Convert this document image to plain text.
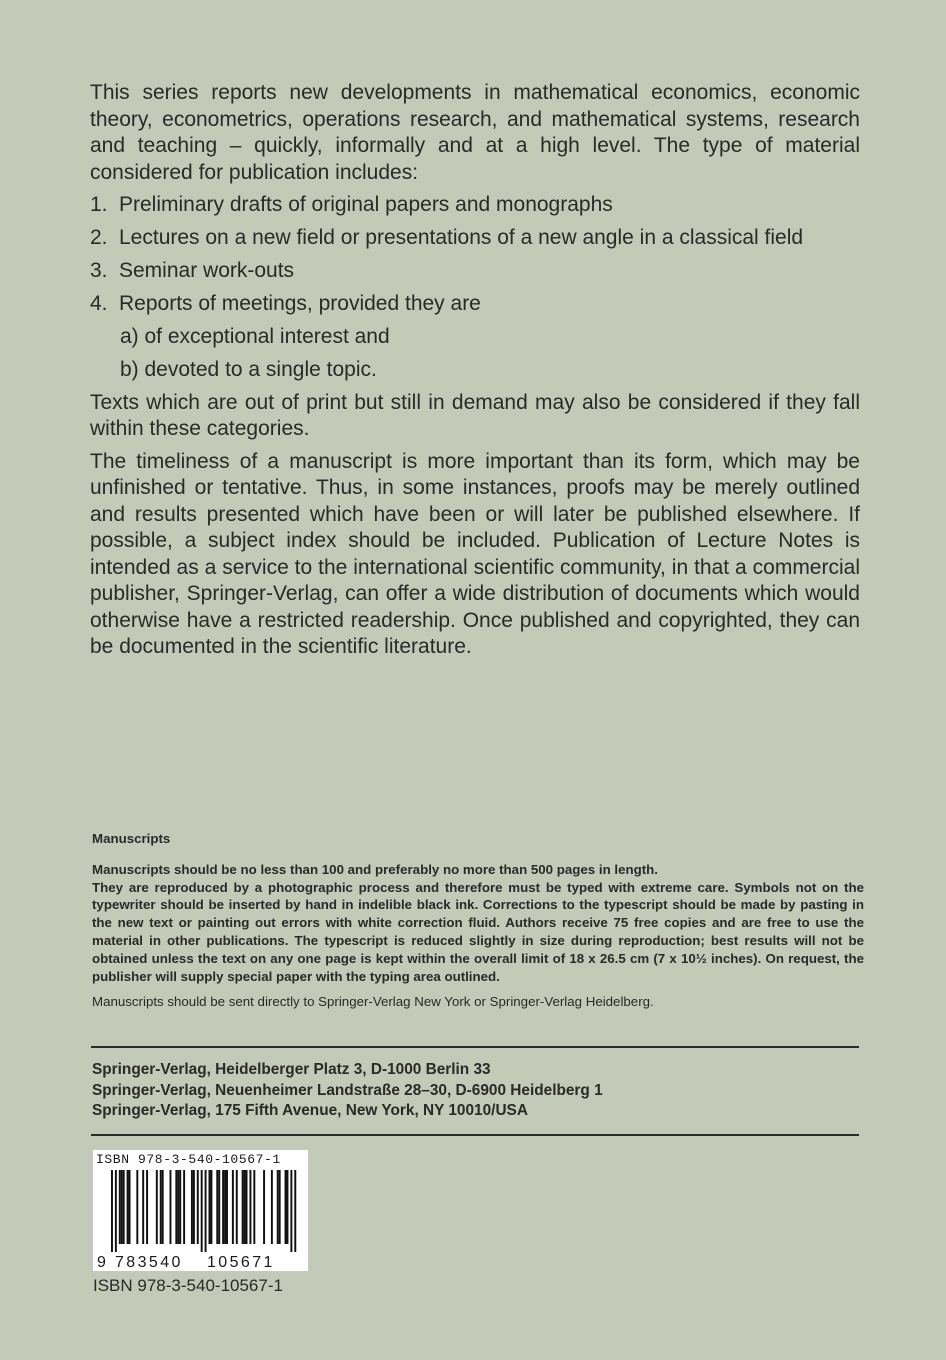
This series reports new developments in mathematical economics, economic theory, econometrics, operations research, and mathematical systems, research and teaching – quickly, informally and at a high level. The type of material considered for publication includes:

1. Preliminary drafts of original papers and monographs
2. Lectures on a new field or presentations of a new angle in a classical field
3. Seminar work-outs
4. Reports of meetings, provided they are
a) of exceptional interest and
b) devoted to a single topic.

Texts which are out of print but still in demand may also be considered if they fall within these categories.

The timeliness of a manuscript is more important than its form, which may be unfinished or tentative. Thus, in some instances, proofs may be merely outlined and results presented which have been or will later be published elsewhere. If possible, a subject index should be included. Publication of Lecture Notes is intended as a service to the international scientific community, in that a commercial publisher, Springer-Verlag, can offer a wide distribution of documents which would otherwise have a restricted readership. Once published and copyrighted, they can be documented in the scientific literature.

Manuscripts

Manuscripts should be no less than 100 and preferably no more than 500 pages in length.

They are reproduced by a photographic process and therefore must be typed with extreme care. Symbols not on the typewriter should be inserted by hand in indelible black ink. Corrections to the typescript should be made by pasting in the new text or painting out errors with white correction fluid. Authors receive 75 free copies and are free to use the material in other publications. The typescript is reduced slightly in size during reproduction; best results will not be obtained unless the text on any one page is kept within the overall limit of 18 x 26.5 cm (7 x 10½ inches). On request, the publisher will supply special paper with the typing area outlined.

Manuscripts should be sent directly to Springer-Verlag New York or Springer-Verlag Heidelberg.

Springer-Verlag, Heidelberger Platz 3, D-1000 Berlin 33
Springer-Verlag, Neuenheimer Landstraße 28–30, D-6900 Heidelberg 1
Springer-Verlag, 175 Fifth Avenue, New York, NY 10010/USA
ISBN 978-3-540-10567-1
9 783540 105671
ISBN 978-3-540-10567-1
